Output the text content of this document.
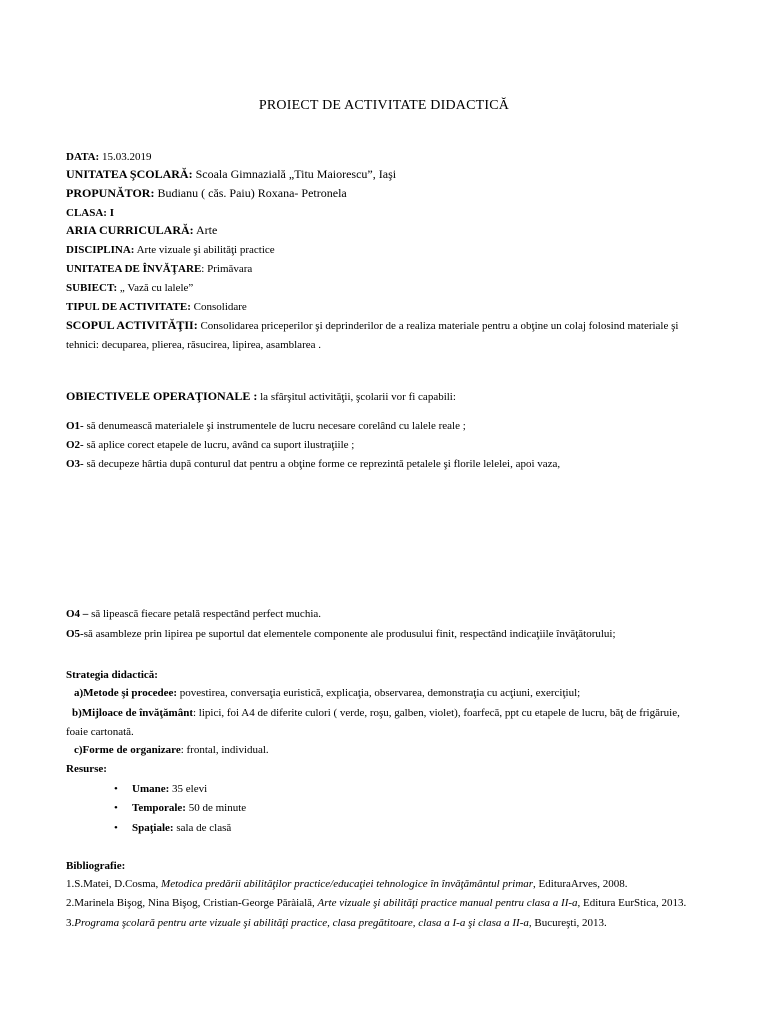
PROIECT DE ACTIVITATE DIDACTICĂ
DATA: 15.03.2019
UNITATEA ŞCOLARĂ: Scoala Gimnazială „Titu Maiorescu”, Iaşi
PROPUNĂTOR: Budianu ( căs. Paiu) Roxana- Petronela
CLASA: I
ARIA CURRICULARĂ: Arte
DISCIPLINA: Arte vizuale şi abilităţi practice
UNITATEA DE ÎNVĂŢARE: Primăvara
SUBIECT: „ Vază cu lalele”
TIPUL DE ACTIVITATE: Consolidare
SCOPUL ACTIVITĂŢII: Consolidarea priceperilor şi deprinderilor de a realiza materiale pentru a obţine un colaj folosind materiale şi
tehnici: decuparea, plierea, răsucirea, lipirea, asamblarea .
OBIECTIVELE OPERAŢIONALE : la sfârşitul activităţii, şcolarii vor fi capabili:
O1- să denumească materialele şi instrumentele de lucru necesare corelând cu lalele reale ;
O2- să aplice corect etapele de lucru, având ca suport ilustraţiile ;
O3- să decupeze hârtia după conturul dat pentru a obţine forme ce reprezintă petalele şi florile lelelei, apoi vaza,
O4 – să lipească fiecare petală respectând perfect muchia.
O5-să asambleze prin lipirea pe suportul dat elementele componente ale produsului finit, respectând indicaţiile învăţătorului;
Strategia didactică:
a)Metode şi procedee: povestirea, conversaţia euristică, explicaţia, observarea, demonstraţia cu acţiuni, exerciţiul;
b)Mijloace de învăţământ: lipici, foi A4 de diferite culori ( verde, roşu, galben, violet), foarfecă, ppt cu etapele de lucru, băţ de frigăruie,
foaie cartonată.
c)Forme de organizare: frontal, individual.
Resurse:
• Umane: 35 elevi
• Temporale: 50 de minute
• Spaţiale: sala de clasă
Bibliografie:
1.S.Matei, D.Cosma, Metodica predării abilităţilor practice/educaţiei tehnologice în învăţământul primar, EdituraArves, 2008.
2.Marinela Bişog, Nina Bişog, Cristian-George Păràială, Arte vizuale şi abilităţi practice manual pentru clasa a II-a, Editura EurStica, 2013.
3.Programa şcolară pentru arte vizuale şi abilităţi practice, clasa pregătitoare, clasa a I-a şi clasa a II-a, Bucureşti, 2013.
